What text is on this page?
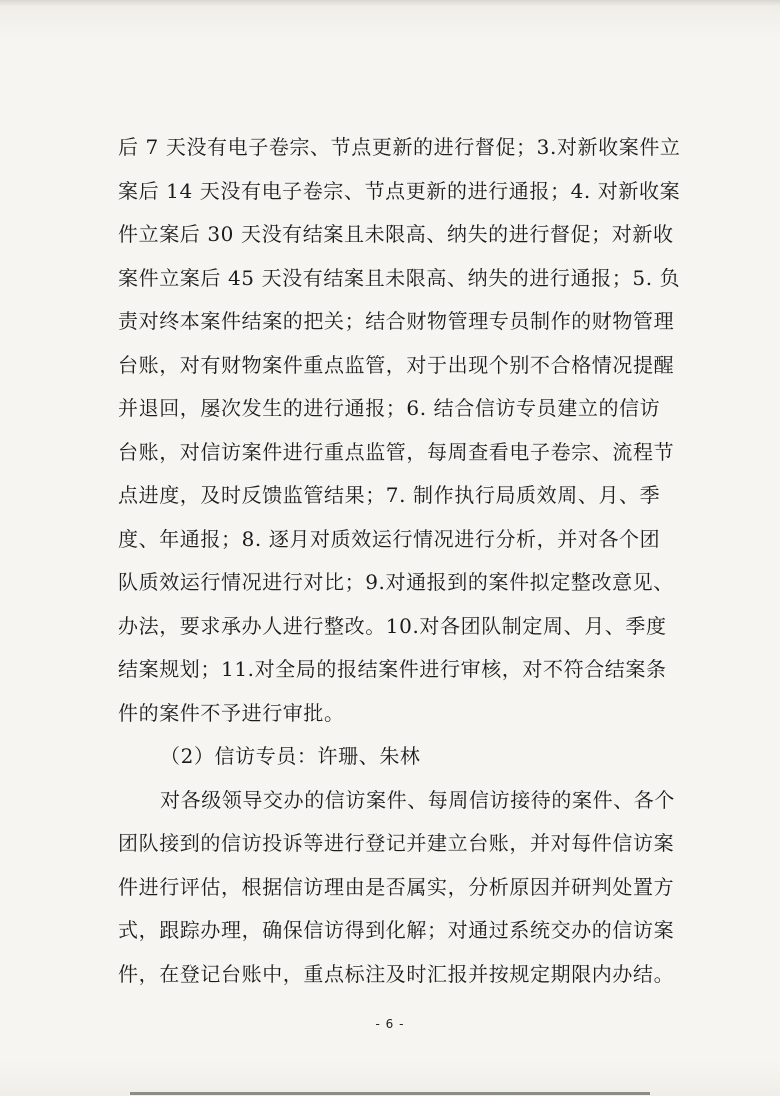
后 7 天没有电子卷宗、节点更新的进行督促；3.对新收案件立
案后 14 天没有电子卷宗、节点更新的进行通报；4. 对新收案
件立案后 30 天没有结案且未限高、纳失的进行督促；对新收
案件立案后 45 天没有结案且未限高、纳失的进行通报；5. 负
责对终本案件结案的把关；结合财物管理专员制作的财物管理
台账，对有财物案件重点监管，对于出现个别不合格情况提醒
并退回，屡次发生的进行通报；6. 结合信访专员建立的信访
台账，对信访案件进行重点监管，每周查看电子卷宗、流程节
点进度，及时反馈监管结果；7. 制作执行局质效周、月、季
度、年通报；8. 逐月对质效运行情况进行分析，并对各个团
队质效运行情况进行对比；9.对通报到的案件拟定整改意见、
办法，要求承办人进行整改。10.对各团队制定周、月、季度
结案规划；11.对全局的报结案件进行审核，对不符合结案条
件的案件不予进行审批。
（2）信访专员：许珊、朱林
对各级领导交办的信访案件、每周信访接待的案件、各个
团队接到的信访投诉等进行登记并建立台账，并对每件信访案
件进行评估，根据信访理由是否属实，分析原因并研判处置方
式，跟踪办理，确保信访得到化解；对通过系统交办的信访案
件，在登记台账中，重点标注及时汇报并按规定期限内办结。
- 6 -
